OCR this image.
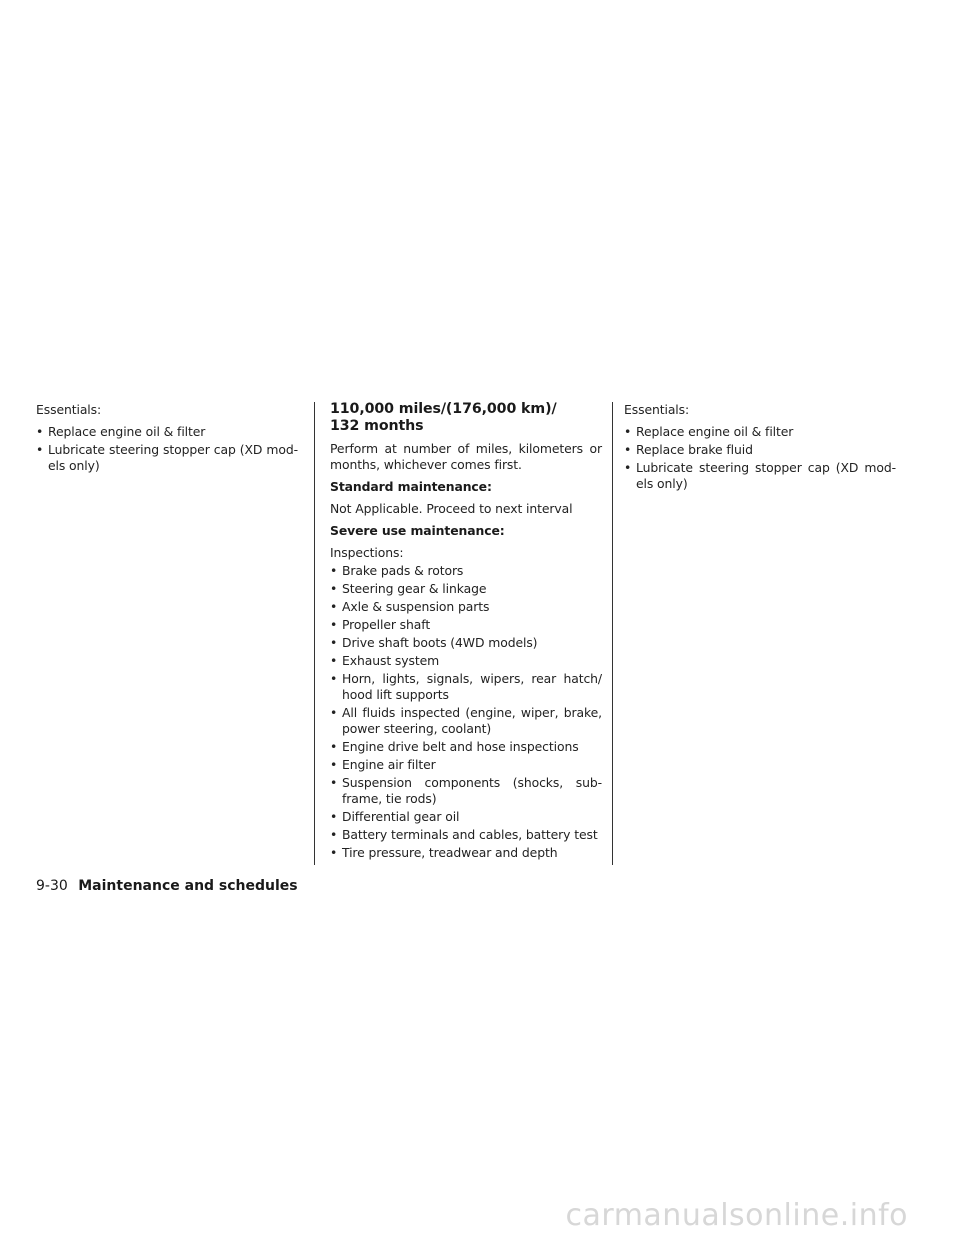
Essentials:

• Replace engine oil & filter
• Lubricate steering stopper cap (XD mod-els only)
110,000 miles/(176,000 km)/
132 months

Perform at number of miles, kilometers or months, whichever comes first.

Standard maintenance:

Not Applicable. Proceed to next interval

Severe use maintenance:

Inspections:

• Brake pads & rotors
• Steering gear & linkage
• Axle & suspension parts
• Propeller shaft
• Drive shaft boots (4WD models)
• Exhaust system
• Horn, lights, signals, wipers, rear hatch/ hood lift supports
• All fluids inspected (engine, wiper, brake, power steering, coolant)
• Engine drive belt and hose inspections
• Engine air filter
• Suspension components (shocks, sub-frame, tie rods)
• Differential gear oil
• Battery terminals and cables, battery test
• Tire pressure, treadwear and depth

Essentials:

• Replace engine oil & filter
• Replace brake fluid
• Lubricate steering stopper cap (XD mod-els only)
9-30 Maintenance and schedules
carmanualsonline.info
